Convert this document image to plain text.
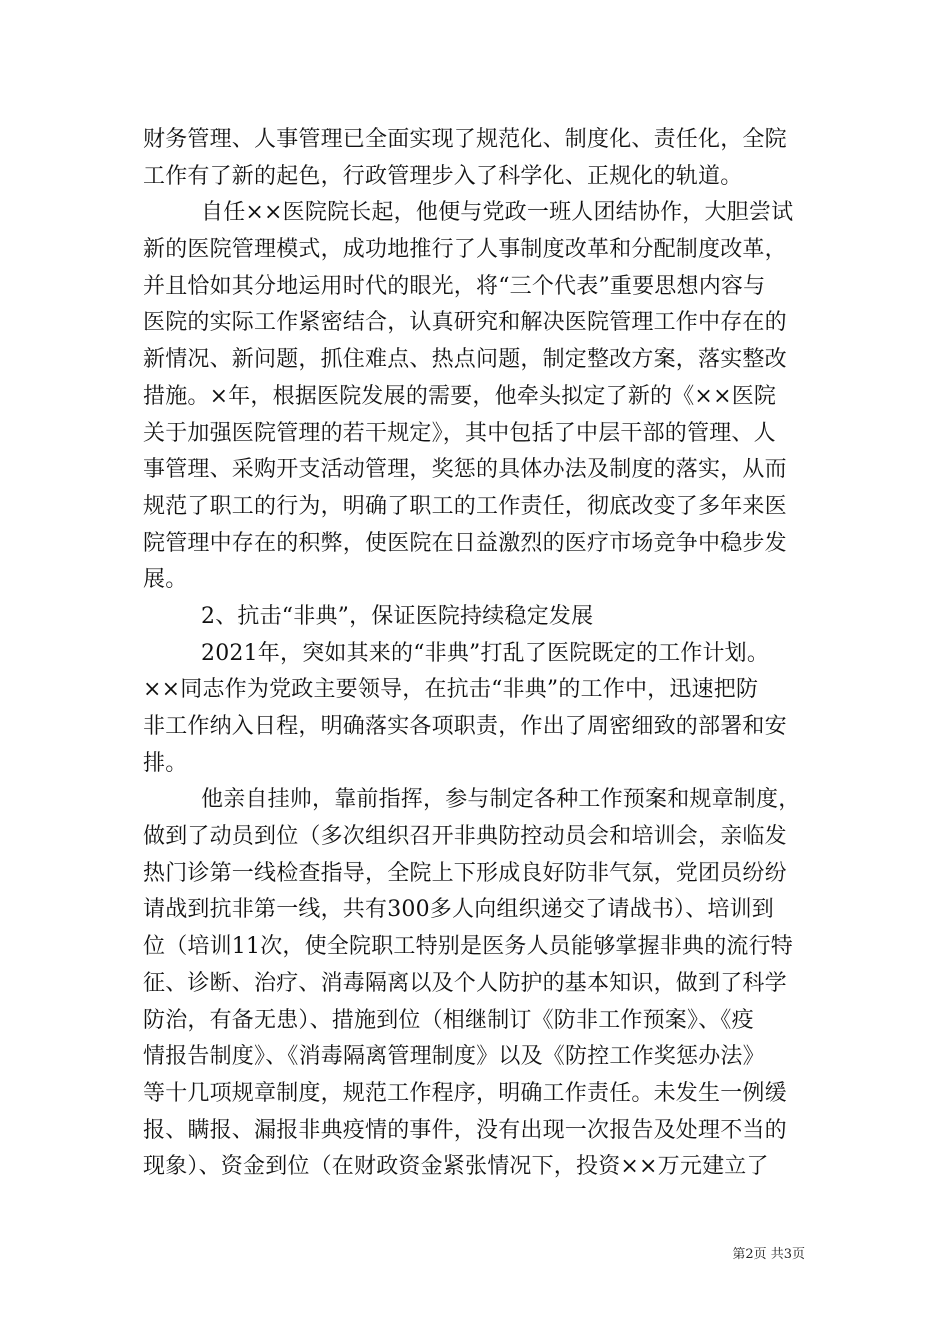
财务管理、人事管理已全面实现了规范化、制度化、责任化，全院
工作有了新的起色，行政管理步入了科学化、正规化的轨道。
自任××医院院长起，他便与党政一班人团结协作，大胆尝试
新的医院管理模式，成功地推行了人事制度改革和分配制度改革，
并且恰如其分地运用时代的眼光，将“三个代表”重要思想内容与
医院的实际工作紧密结合，认真研究和解决医院管理工作中存在的
新情况、新问题，抓住难点、热点问题，制定整改方案，落实整改
措施。×年，根据医院发展的需要，他牵头拟定了新的《××医院
关于加强医院管理的若干规定》，其中包括了中层干部的管理、人
事管理、采购开支活动管理，奖惩的具体办法及制度的落实，从而
规范了职工的行为，明确了职工的工作责任，彻底改变了多年来医
院管理中存在的积弊，使医院在日益激烈的医疗市场竞争中稳步发
展。
2、抗击“非典”，保证医院持续稳定发展
2021年，突如其来的“非典”打乱了医院既定的工作计划。
××同志作为党政主要领导，在抗击“非典”的工作中，迅速把防
非工作纳入日程，明确落实各项职责，作出了周密细致的部署和安
排。
他亲自挂帅，靠前指挥，参与制定各种工作预案和规章制度，
做到了动员到位（多次组织召开非典防控动员会和培训会，亲临发
热门诊第一线检查指导，全院上下形成良好防非气氛，党团员纷纷
请战到抗非第一线，共有300多人向组织递交了请战书）、培训到
位（培训11次，使全院职工特别是医务人员能够掌握非典的流行特
征、诊断、治疗、消毒隔离以及个人防护的基本知识，做到了科学
防治，有备无患）、措施到位（相继制订《防非工作预案》、《疫
情报告制度》、《消毒隔离管理制度》以及《防控工作奖惩办法》
等十几项规章制度，规范工作程序，明确工作责任。未发生一例缓
报、瞒报、漏报非典疫情的事件，没有出现一次报告及处理不当的
现象）、资金到位（在财政资金紧张情况下，投资××万元建立了
第2页 共3页
